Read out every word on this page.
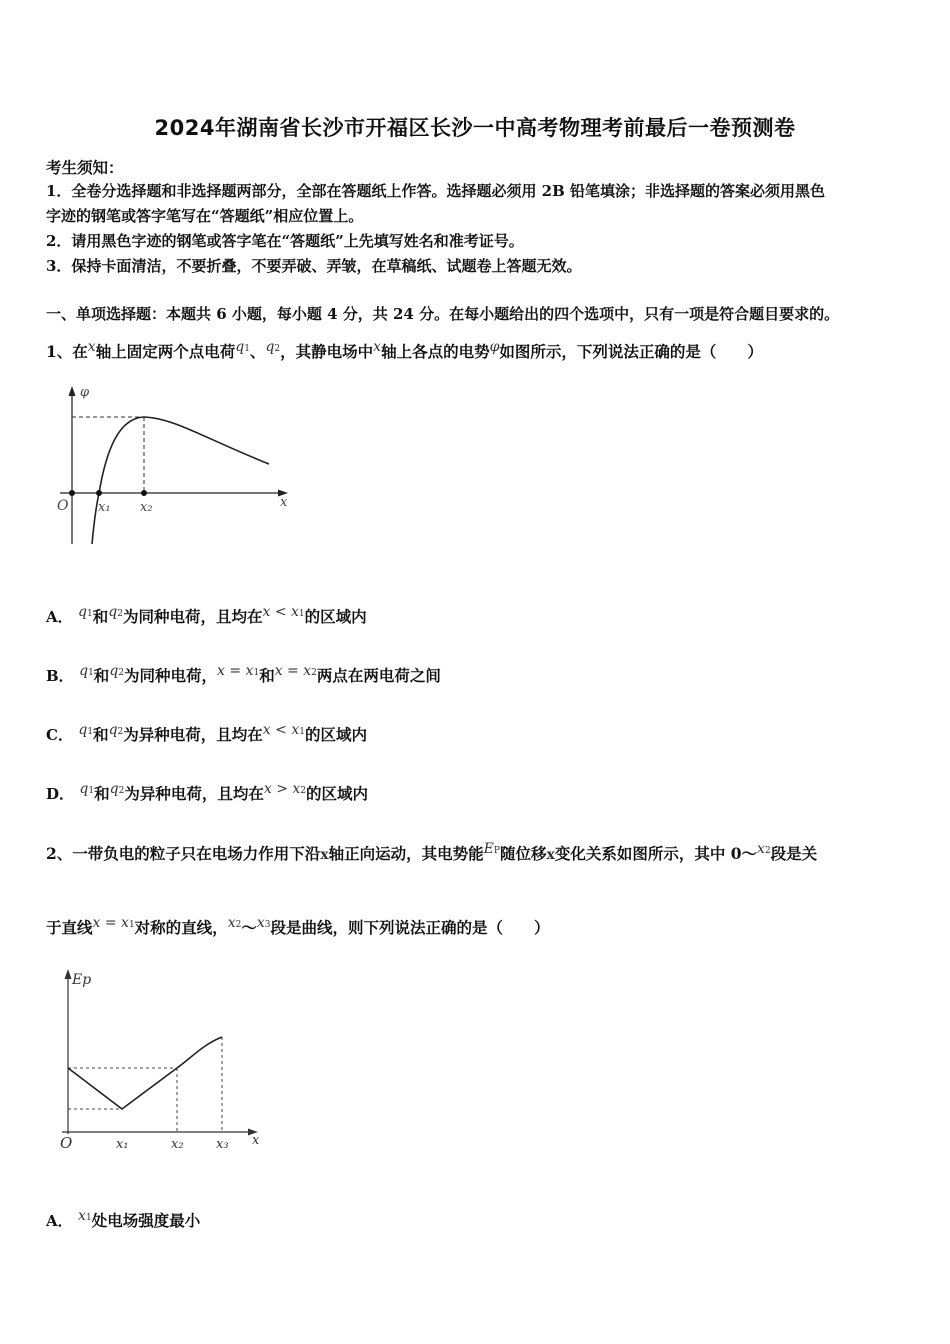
2024年湖南省长沙市开福区长沙一中高考物理考前最后一卷预测卷
考生须知：
1．全卷分选择题和非选择题两部分，全部在答题纸上作答。选择题必须用 2B 铅笔填涂；非选择题的答案必须用黑色
字迹的钢笔或答字笔写在“答题纸”相应位置上。
2．请用黑色字迹的钢笔或答字笔在“答题纸”上先填写姓名和准考证号。
3．保持卡面清洁，不要折叠，不要弄破、弄皱，在草稿纸、试题卷上答题无效。
一、单项选择题：本题共 6 小题，每小题 4 分，共 24 分。在每小题给出的四个选项中，只有一项是符合题目要求的。
1、在x轴上固定两个点电荷q1、q2，其静电场中x轴上各点的电势φ如图所示，下列说法正确的是（　　）
φ
x
O x₁ x₂
A． q1和q2为同种电荷，且均在x < x1的区域内
B． q1和q2为同种电荷，x = x1和x = x2两点在两电荷之间
C． q1和q2为异种电荷，且均在x < x1的区域内
D． q1和q2为异种电荷，且均在x > x2的区域内
2、一带负电的粒子只在电场力作用下沿x轴正向运动，其电势能EP随位移x变化关系如图所示，其中 0～x2段是关
于直线x = x1对称的直线，x2～x3段是曲线，则下列说法正确的是（　　）
Ep
x
O	x₁	x₂ x₃
A． x1处电场强度最小
